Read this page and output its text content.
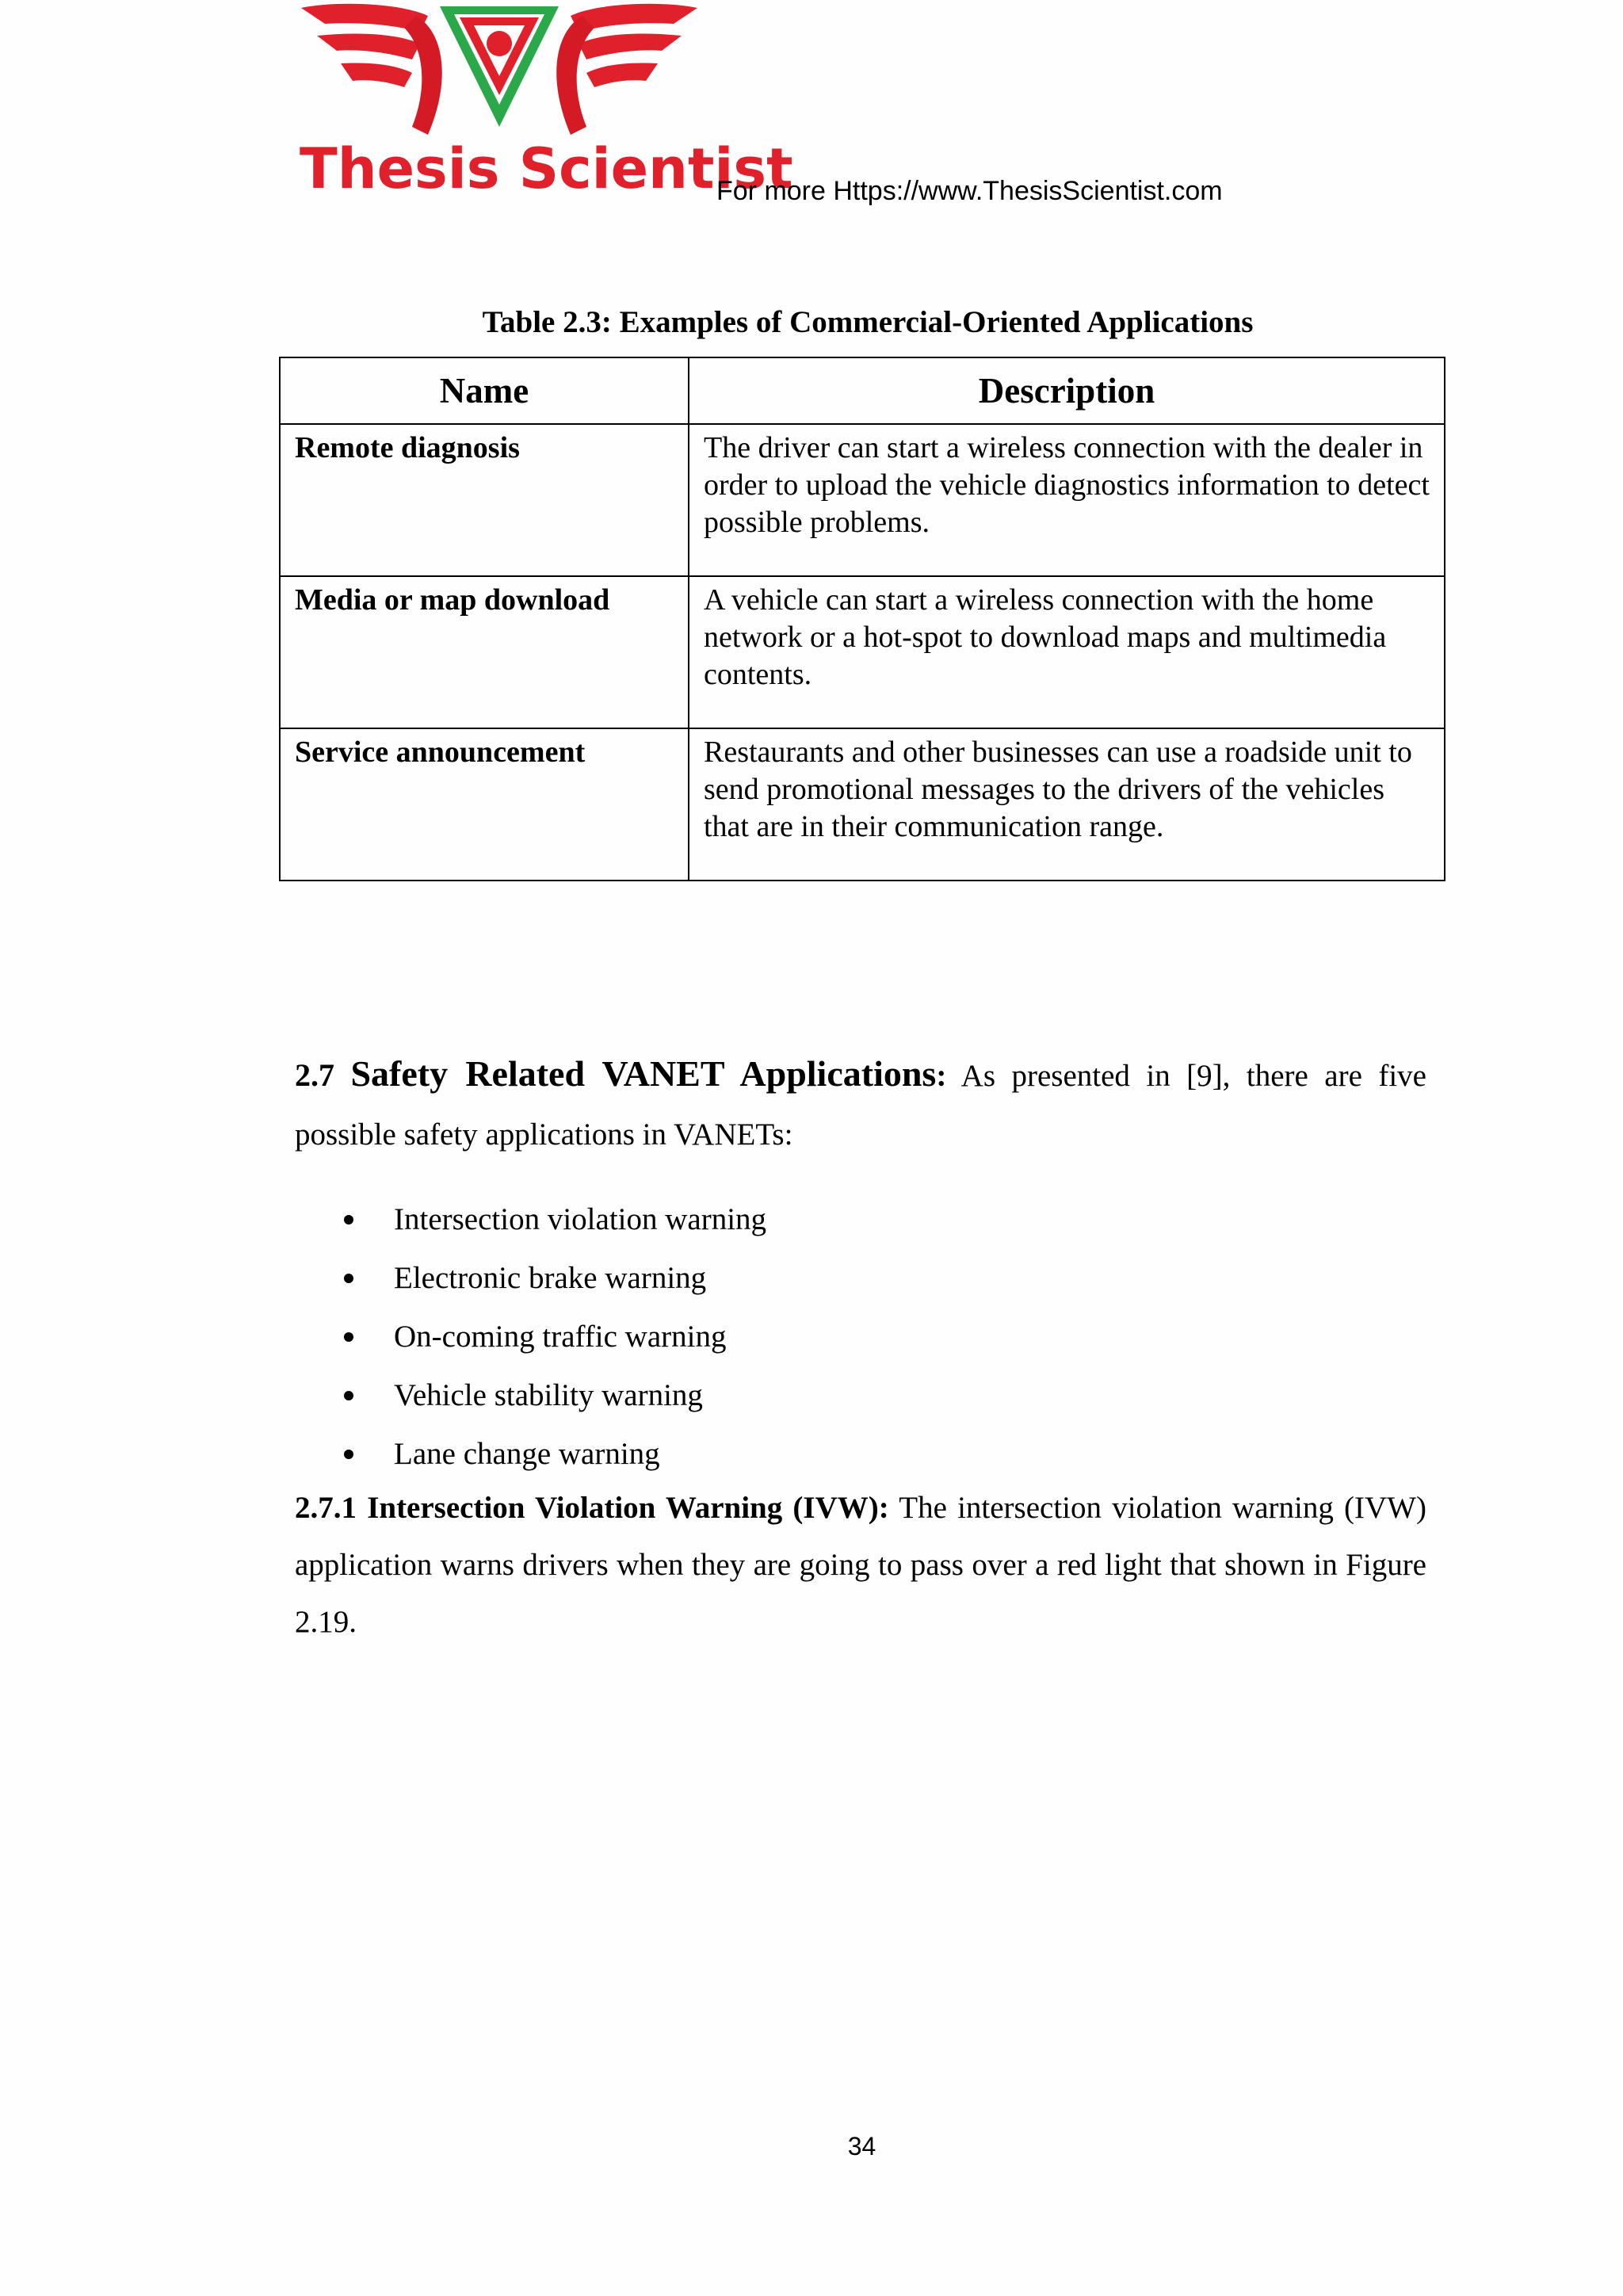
Thesis Scientist
For more Https://www.ThesisScientist.com
Table 2.3: Examples of Commercial-Oriented Applications
Name	Description
Remote diagnosis	The driver can start a wireless connection with the dealer in order to upload the vehicle diagnostics information to detect possible problems.
Media or map download	A vehicle can start a wireless connection with the home network or a hot-spot to download maps and multimedia contents.
Service announcement	Restaurants and other businesses can use a roadside unit to send promotional messages to the drivers of the vehicles that are in their communication range.
2.7 Safety Related VANET Applications: As presented in [9], there are five possible safety applications in VANETs:
Intersection violation warning
Electronic brake warning
On-coming traffic warning
Vehicle stability warning
Lane change warning
2.7.1 Intersection Violation Warning (IVW): The intersection violation warning (IVW) application warns drivers when they are going to pass over a red light that shown in Figure 2.19.
34
